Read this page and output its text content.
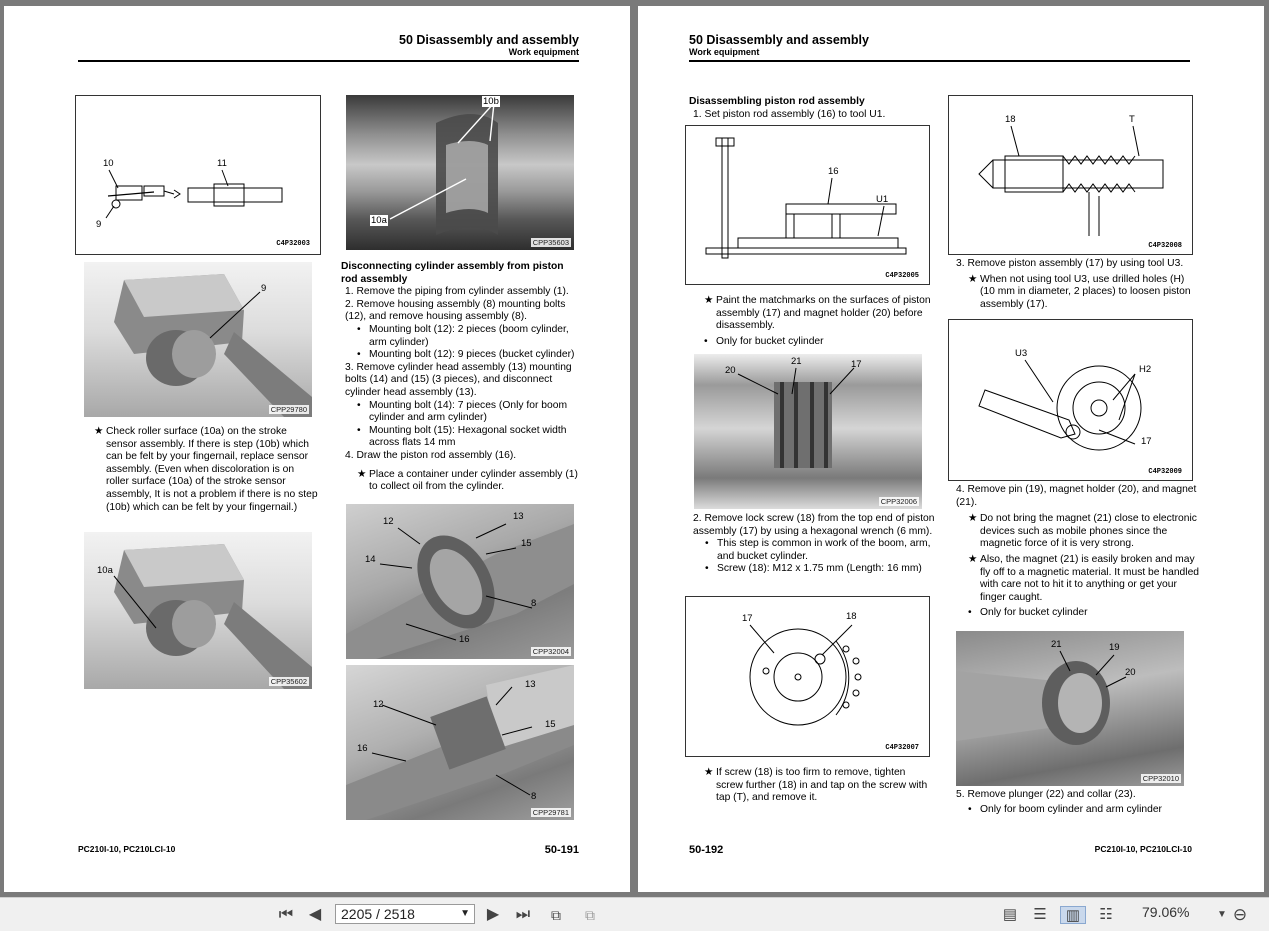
50 Disassembly and assembly
Work equipment
10	11
9
C4P32003
10b
10a
CPP35603
9
CPP29780
★ Check roller surface (10a) on the stroke sensor assembly. If there is step (10b) which can be felt by your fingernail, replace sensor assembly. (Even when discoloration is on roller surface (10a) of the stroke sensor assembly, It is not a problem if there is no step (10b) which can be felt by your fingernail.)
10a
CPP35602

Disconnecting cylinder assembly from piston rod assembly

1. Remove the piping from cylinder assembly (1).
2. Remove housing assembly (8) mounting bolts (12), and remove housing assembly (8).
• Mounting bolt (12): 2 pieces (boom cylinder, arm cylinder)
• Mounting bolt (12): 9 pieces (bucket cylinder)
3. Remove cylinder head assembly (13) mounting bolts (14) and (15) (3 pieces), and disconnect cylinder head assembly (13).
• Mounting bolt (14): 7 pieces (Only for boom cylinder and arm cylinder)
• Mounting bolt (15): Hexagonal socket width across flats 14 mm
4. Draw the piston rod assembly (16).
★ Place a container under cylinder assembly (1) to collect oil from the cylinder.
12	13
15
14
8
16
CPP32004
13
12
15
16
8
CPP29781
PC210I-10, PC210LCI-10	50-191
50 Disassembly and assembly
Work equipment

Disassembling piston rod assembly

1. Set piston rod assembly (16) to tool U1.
16
U1
C4P32005
★ Paint the matchmarks on the surfaces of piston assembly (17) and magnet holder (20) before disassembly.
• Only for bucket cylinder
20
21	17
CPP32006
2. Remove lock screw (18) from the top end of piston assembly (17) by using a hexagonal wrench (6 mm).
• This step is common in work of the boom, arm, and bucket cylinder.
• Screw (18): M12 x 1.75 mm (Length: 16 mm)
17	18
C4P32007
★ If screw (18) is too firm to remove, tighten screw further (18) in and tap on the screw with tap (T), and remove it.
18	T
C4P32008
3. Remove piston assembly (17) by using tool U3.
★ When not using tool U3, use drilled holes (H) (10 mm in diameter, 2 places) to loosen piston assembly (17).
U3
H2
17
C4P32009
4. Remove pin (19), magnet holder (20), and magnet (21).
★ Do not bring the magnet (21) close to electronic devices such as mobile phones since the magnetic force of it is very strong.
★ Also, the magnet (21) is easily broken and may fly off to a magnetic material. It must be handled with care not to hit it to anything or get your finger caught.
• Only for bucket cylinder
21	19
20
CPP32010
5. Remove plunger (22) and collar (23).
• Only for boom cylinder and arm cylinder
50-192	PC210I-10, PC210LCI-10
⏮ ◀	▶ ⏭	⧉	⧉	▤ ☰	▥	☷	▼ ⊖
2205 / 2518	▼	79.06%
